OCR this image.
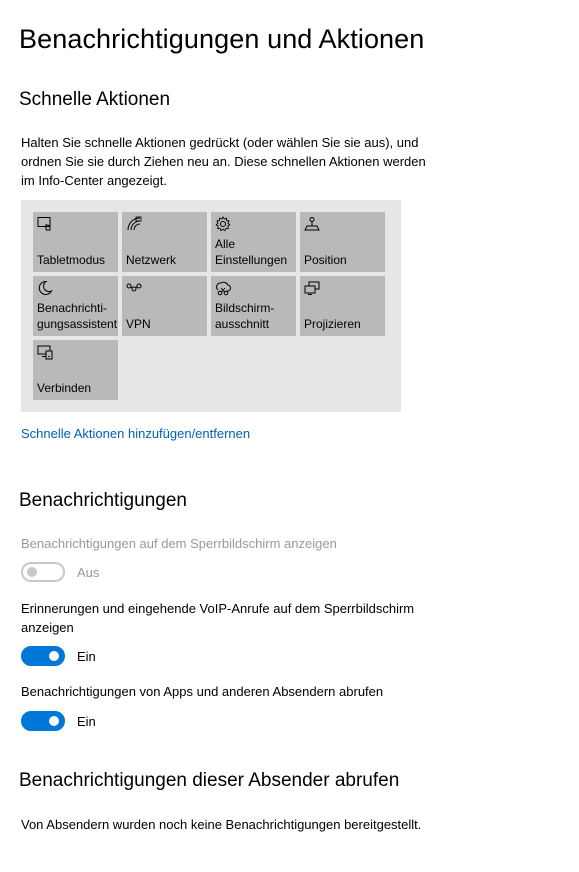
Benachrichtigungen und Aktionen
Schnelle Aktionen
Halten Sie schnelle Aktionen gedrückt (oder wählen Sie sie aus), und
ordnen Sie sie durch Ziehen neu an. Diese schnellen Aktionen werden
im Info-Center angezeigt.
Tabletmodus	Netzwerk
Alle Einstellungen	Position
Benachrichti-gungsassistent VPN
Bildschirm-ausschnitt	Projizieren
Verbinden
Schnelle Aktionen hinzufügen/entfernen
Benachrichtigungen
Benachrichtigungen auf dem Sperrbildschirm anzeigen
Aus
Erinnerungen und eingehende VoIP-Anrufe auf dem Sperrbildschirm
anzeigen
Ein
Benachrichtigungen von Apps und anderen Absendern abrufen
Ein
Benachrichtigungen dieser Absender abrufen
Von Absendern wurden noch keine Benachrichtigungen bereitgestellt.
